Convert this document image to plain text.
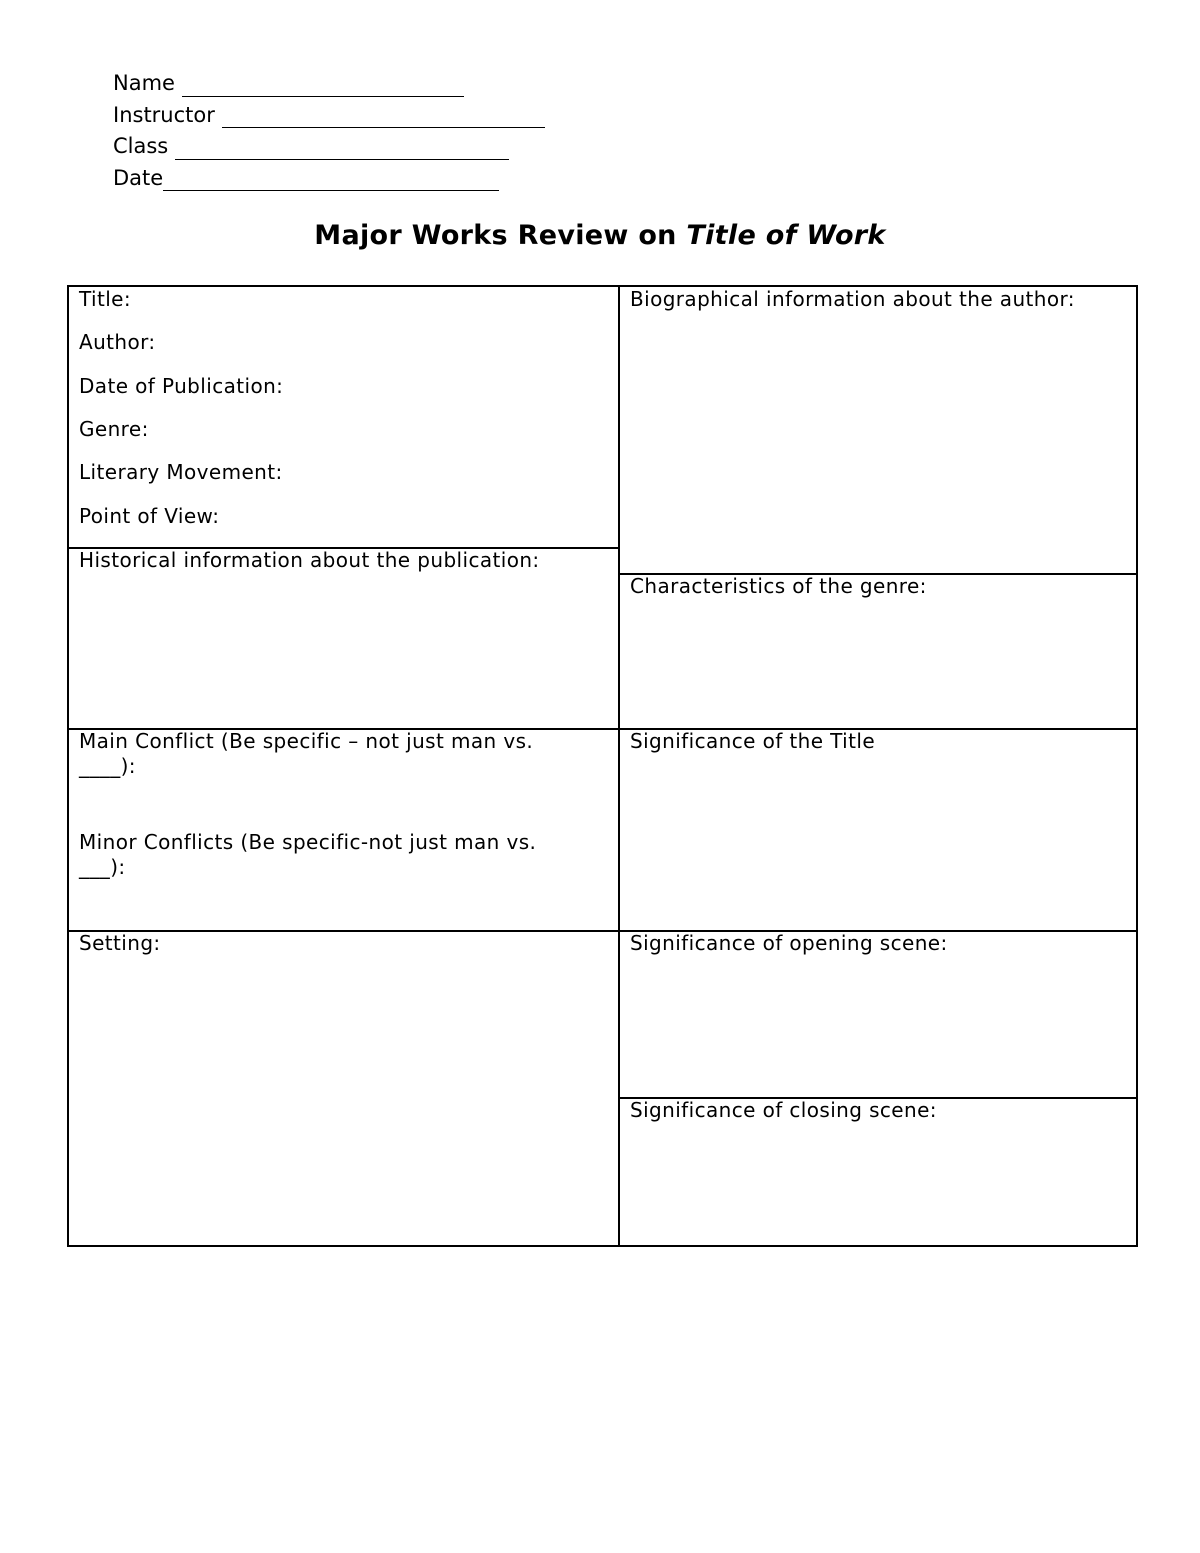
Name
Instructor
Class
Date
Major Works Review on Title of Work

Title:

Author:

Date of Publication:

Genre:

Literary Movement:

Point of View:

Biographical information about the author:

Historical information about the publication:

Characteristics of the genre:

Main Conflict (Be specific – not just man vs. ____):

Minor Conflicts (Be specific-not just man vs. ___):

Significance of the Title

Setting:	Significance of opening scene:

Significance of closing scene:
